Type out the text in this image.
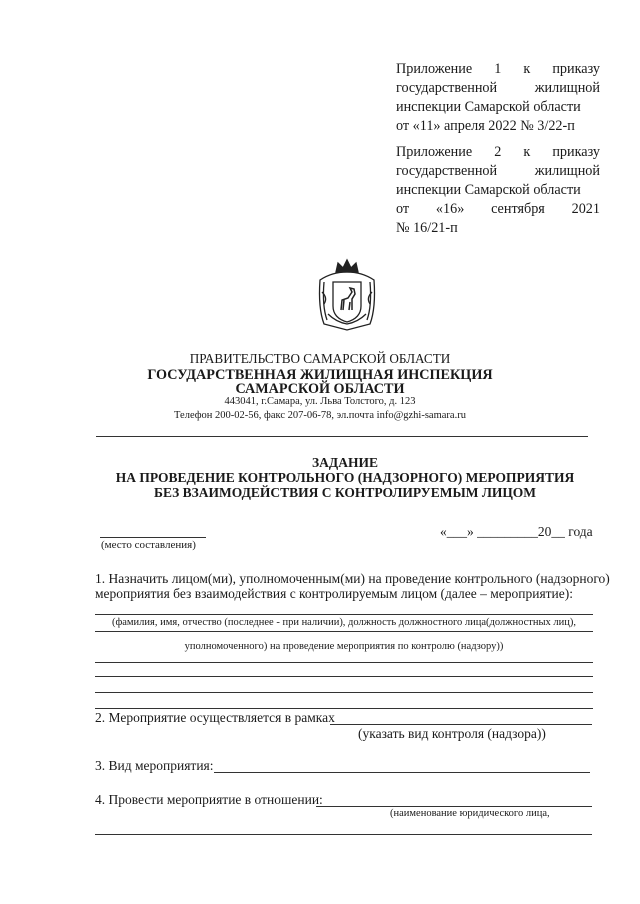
Приложение 1 к приказу
государственной жилищной
инспекции Самарской области
от «11» апреля 2022 № 3/22-п
Приложение 2 к приказу
государственной жилищной
инспекции Самарской области
от «16» сентября 2021
№ 16/21-п
ПРАВИТЕЛЬСТВО САМАРСКОЙ ОБЛАСТИ
ГОСУДАРСТВЕННАЯ ЖИЛИЩНАЯ ИНСПЕКЦИЯ
САМАРСКОЙ ОБЛАСТИ
443041, г.Самара, ул. Льва Толстого, д. 123
Телефон 200-02-56, факс 207-06-78, эл.почта info@gzhi-samara.ru
ЗАДАНИЕ
НА ПРОВЕДЕНИЕ КОНТРОЛЬНОГО (НАДЗОРНОГО) МЕРОПРИЯТИЯ
БЕЗ ВЗАИМОДЕЙСТВИЯ С КОНТРОЛИРУЕМЫМ ЛИЦОМ
(место составления)
«___» _________20__ года
1. Назначить лицом(ми), уполномоченным(ми) на проведение контрольного (надзорного)
мероприятия без взаимодействия с контролируемым лицом (далее – мероприятие):
(фамилия, имя, отчество (последнее - при наличии), должность должностного лица(должностных лиц),
уполномоченного) на проведение мероприятия по контролю (надзору))
2. Мероприятие осуществляется в рамках
(указать вид контроля (надзора))
3. Вид мероприятия:
4. Провести мероприятие в отношении:
(наименование юридического лица,
